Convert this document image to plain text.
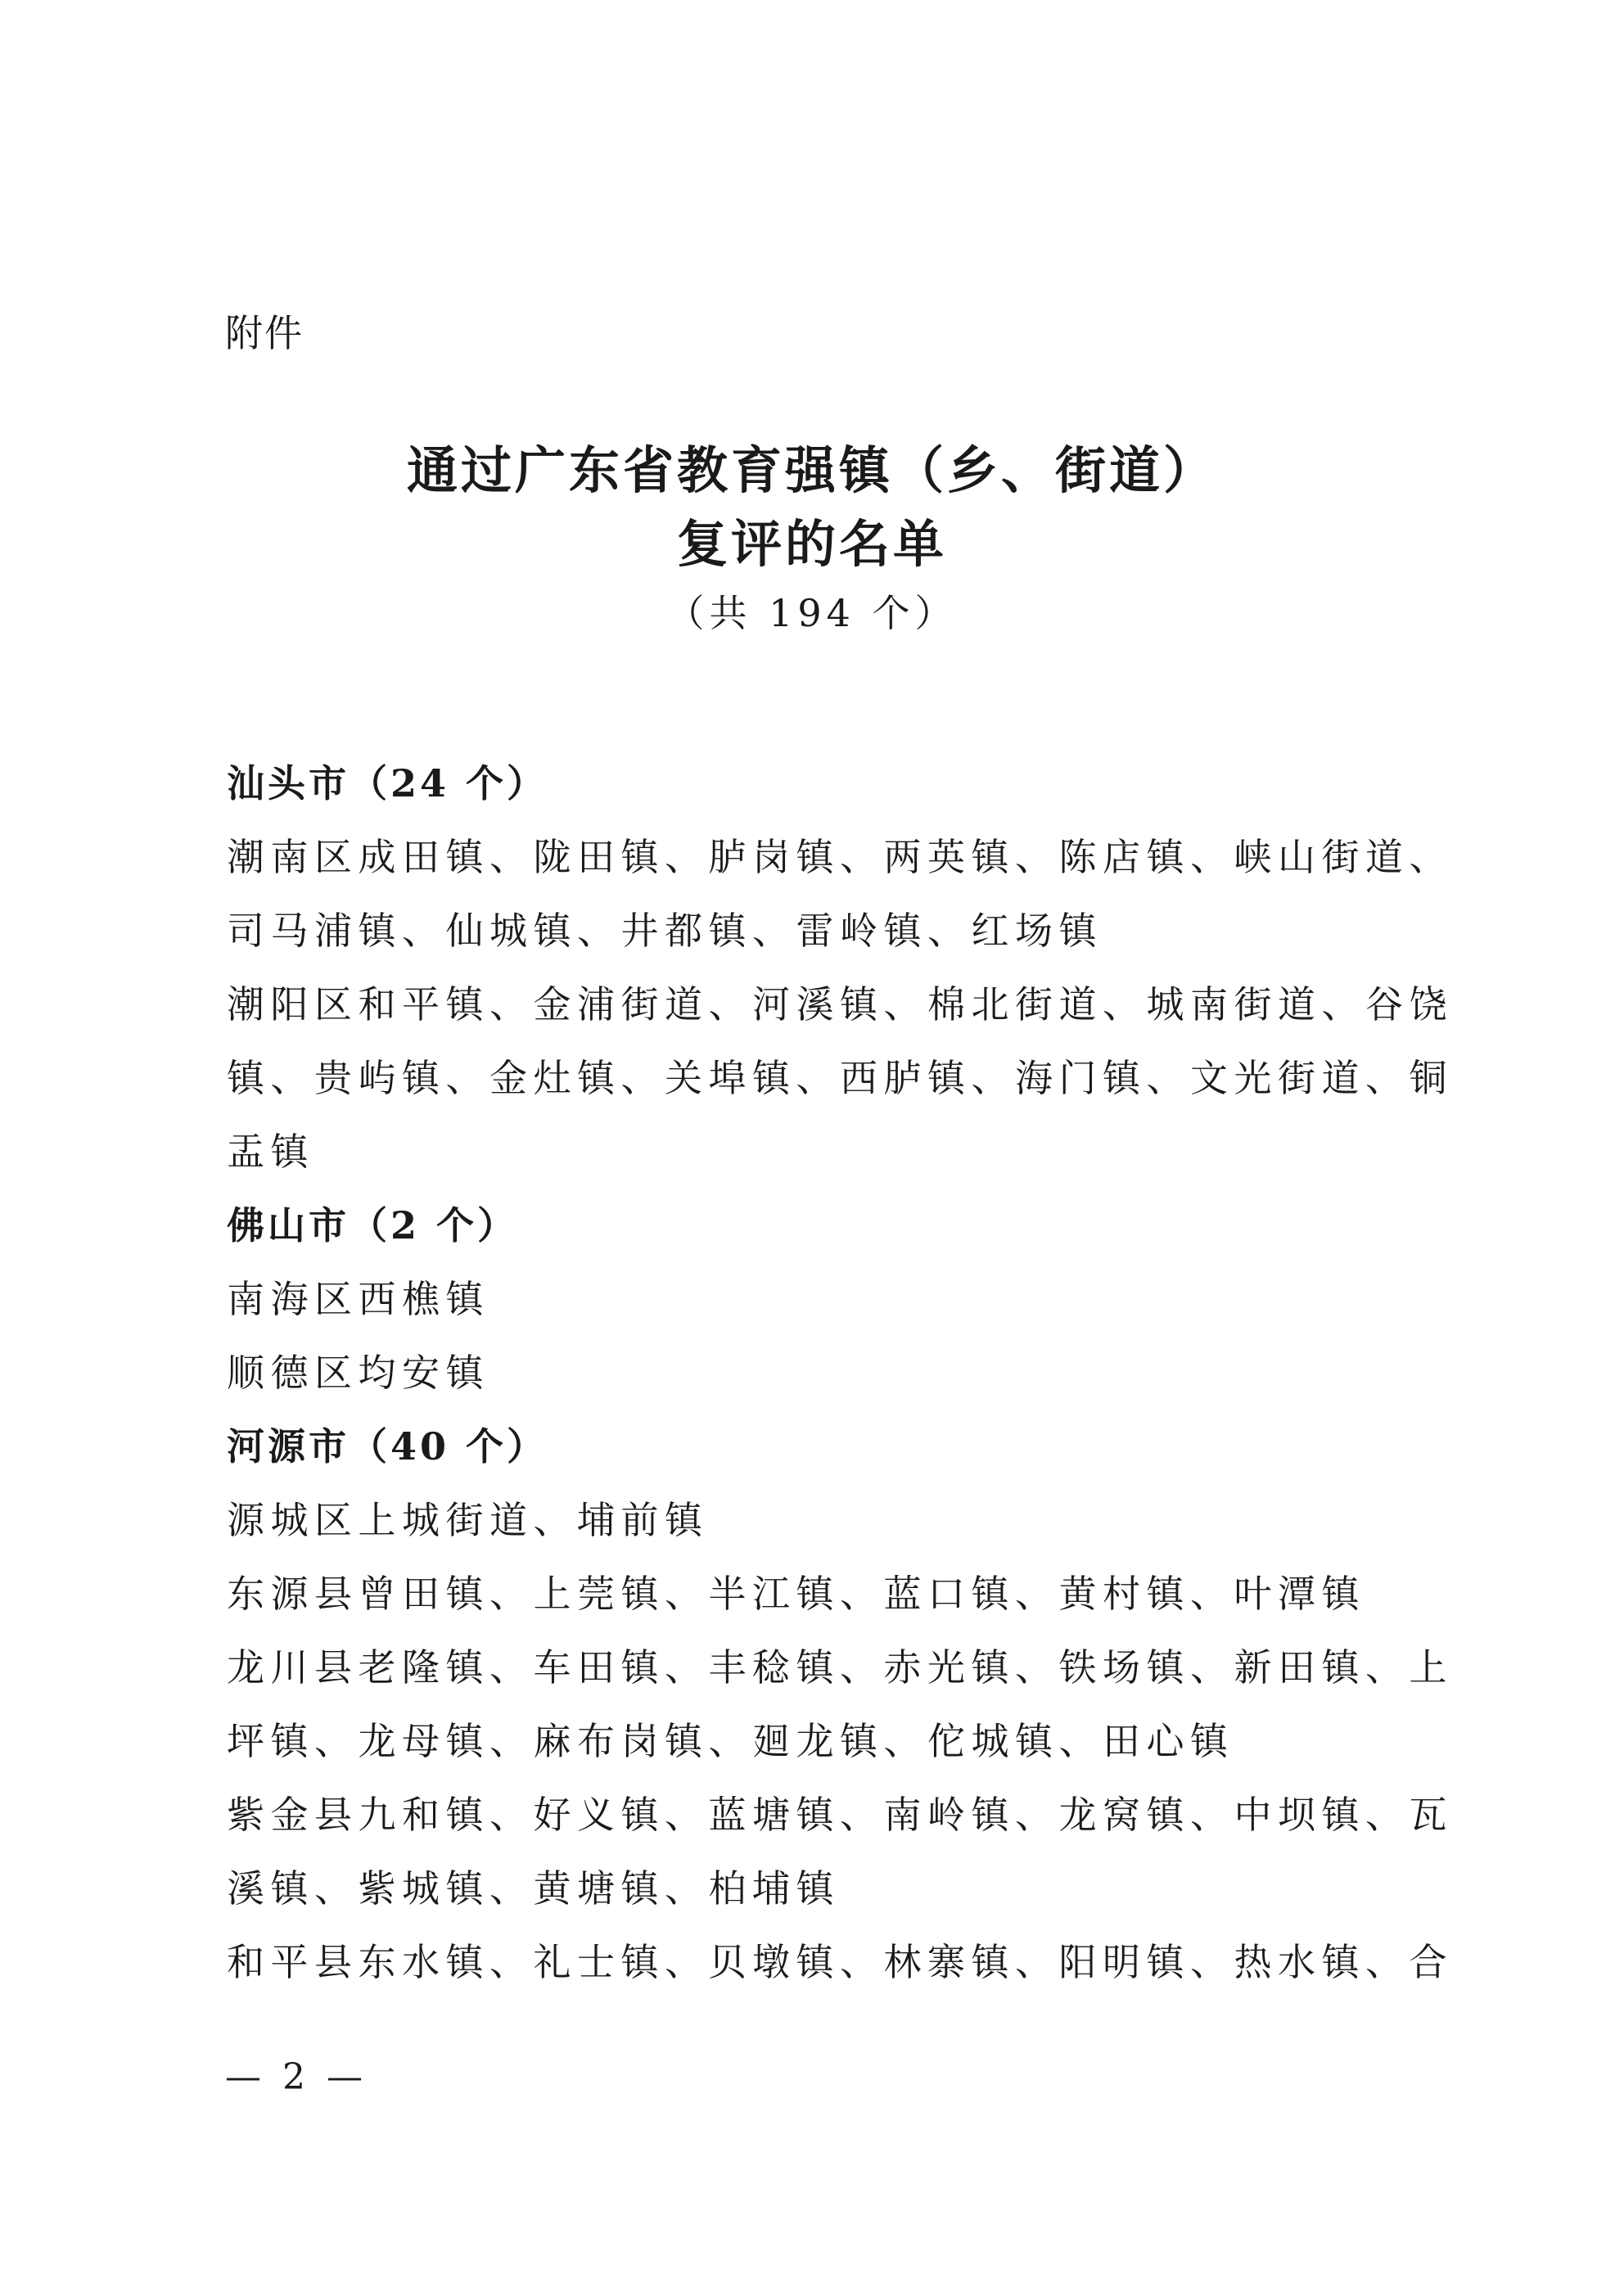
附件
通过广东省教育强镇（乡、街道）
复评的名单
（共 194 个）
汕头市（24 个）
潮南区成田镇、陇田镇、胪岗镇、两英镇、陈店镇、峡山街道、
司马浦镇、仙城镇、井都镇、雷岭镇、红场镇
潮阳区和平镇、金浦街道、河溪镇、棉北街道、城南街道、谷饶
镇、贵屿镇、金灶镇、关埠镇、西胪镇、海门镇、文光街道、铜
盂镇
佛山市（2 个）
南海区西樵镇
顺德区均安镇
河源市（40 个）
源城区上城街道、埔前镇
东源县曾田镇、上莞镇、半江镇、蓝口镇、黄村镇、叶潭镇
龙川县老隆镇、车田镇、丰稔镇、赤光镇、铁场镇、新田镇、上
坪镇、龙母镇、麻布岗镇、廻龙镇、佗城镇、田心镇
紫金县九和镇、好义镇、蓝塘镇、南岭镇、龙窝镇、中坝镇、瓦
溪镇、紫城镇、黄塘镇、柏埔镇
和平县东水镇、礼士镇、贝墩镇、林寨镇、阳明镇、热水镇、合
— 2 —
